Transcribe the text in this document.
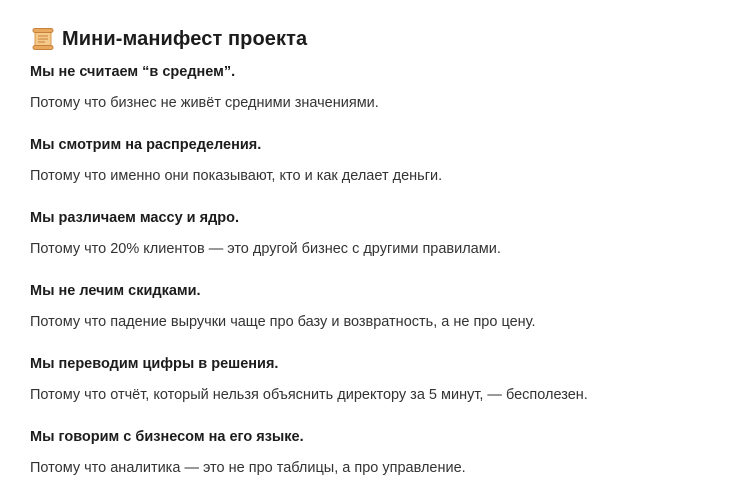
Мини-манифест проекта
Мы не считаем “в среднем”.
Потому что бизнес не живёт средними значениями.
Мы смотрим на распределения.
Потому что именно они показывают, кто и как делает деньги.
Мы различаем массу и ядро.
Потому что 20% клиентов — это другой бизнес с другими правилами.
Мы не лечим скидками.
Потому что падение выручки чаще про базу и возвратность, а не про цену.
Мы переводим цифры в решения.
Потому что отчёт, который нельзя объяснить директору за 5 минут, — бесполезен.
Мы говорим с бизнесом на его языке.
Потому что аналитика — это не про таблицы, а про управление.
